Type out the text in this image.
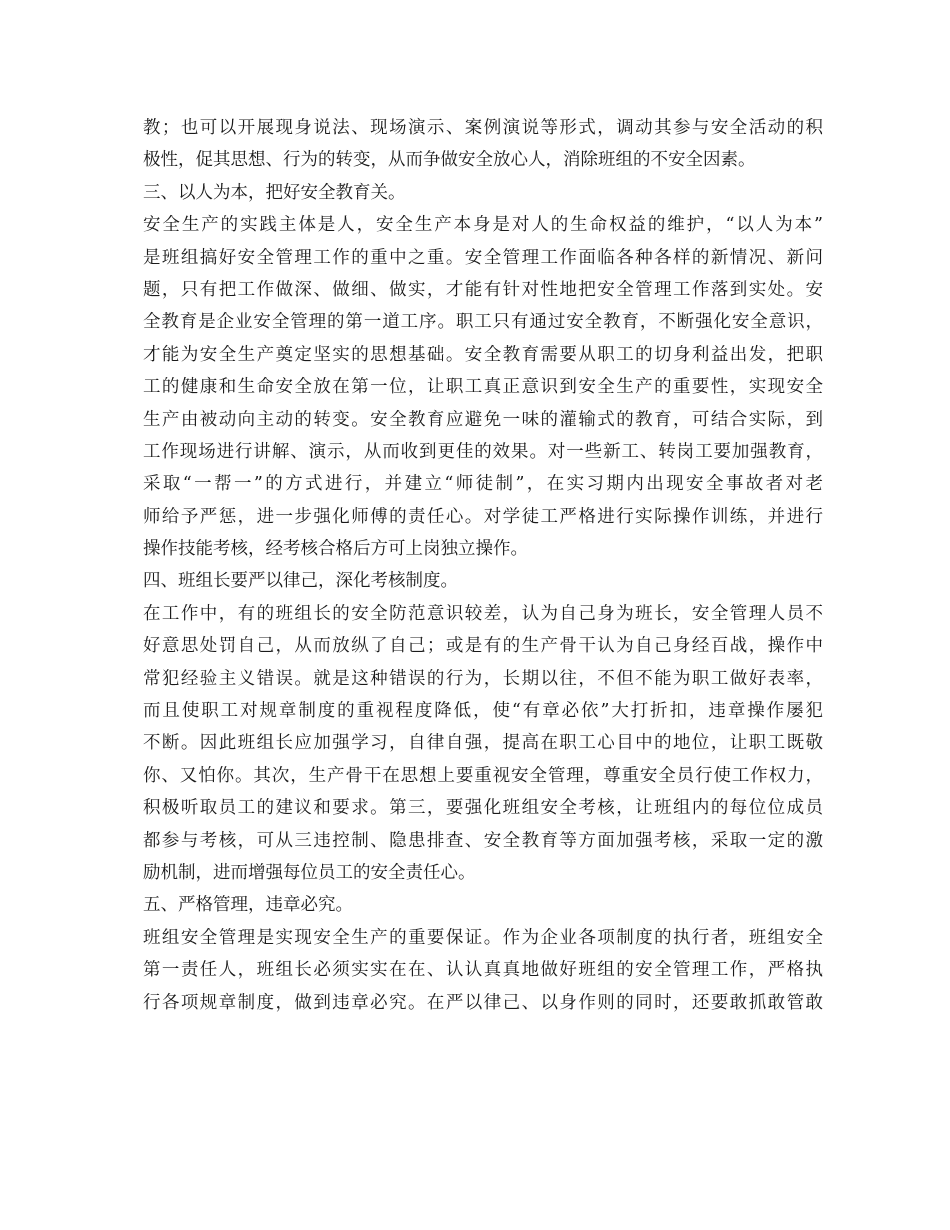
教；也可以开展现身说法、现场演示、案例演说等形式，调动其参与安全活动的积
极性，促其思想、行为的转变，从而争做安全放心人，消除班组的不安全因素。
三、以人为本，把好安全教育关。
安全生产的实践主体是人，安全生产本身是对人的生命权益的维护，“以人为本”
是班组搞好安全管理工作的重中之重。安全管理工作面临各种各样的新情况、新问
题，只有把工作做深、做细、做实，才能有针对性地把安全管理工作落到实处。安
全教育是企业安全管理的第一道工序。职工只有通过安全教育，不断强化安全意识，
才能为安全生产奠定坚实的思想基础。安全教育需要从职工的切身利益出发，把职
工的健康和生命安全放在第一位，让职工真正意识到安全生产的重要性，实现安全
生产由被动向主动的转变。安全教育应避免一味的灌输式的教育，可结合实际，到
工作现场进行讲解、演示，从而收到更佳的效果。对一些新工、转岗工要加强教育，
采取“一帮一”的方式进行，并建立“师徒制”，在实习期内出现安全事故者对老
师给予严惩，进一步强化师傅的责任心。对学徒工严格进行实际操作训练，并进行
操作技能考核，经考核合格后方可上岗独立操作。
四、班组长要严以律己，深化考核制度。
在工作中，有的班组长的安全防范意识较差，认为自己身为班长，安全管理人员不
好意思处罚自己，从而放纵了自己；或是有的生产骨干认为自己身经百战，操作中
常犯经验主义错误。就是这种错误的行为，长期以往，不但不能为职工做好表率，
而且使职工对规章制度的重视程度降低，使“有章必依”大打折扣，违章操作屡犯
不断。因此班组长应加强学习，自律自强，提高在职工心目中的地位，让职工既敬
你、又怕你。其次，生产骨干在思想上要重视安全管理，尊重安全员行使工作权力，
积极听取员工的建议和要求。第三，要强化班组安全考核，让班组内的每位位成员
都参与考核，可从三违控制、隐患排查、安全教育等方面加强考核，采取一定的激
励机制，进而增强每位员工的安全责任心。
五、严格管理，违章必究。
班组安全管理是实现安全生产的重要保证。作为企业各项制度的执行者，班组安全
第一责任人，班组长必须实实在在、认认真真地做好班组的安全管理工作，严格执
行各项规章制度，做到违章必究。在严以律己、以身作则的同时，还要敢抓敢管敢
